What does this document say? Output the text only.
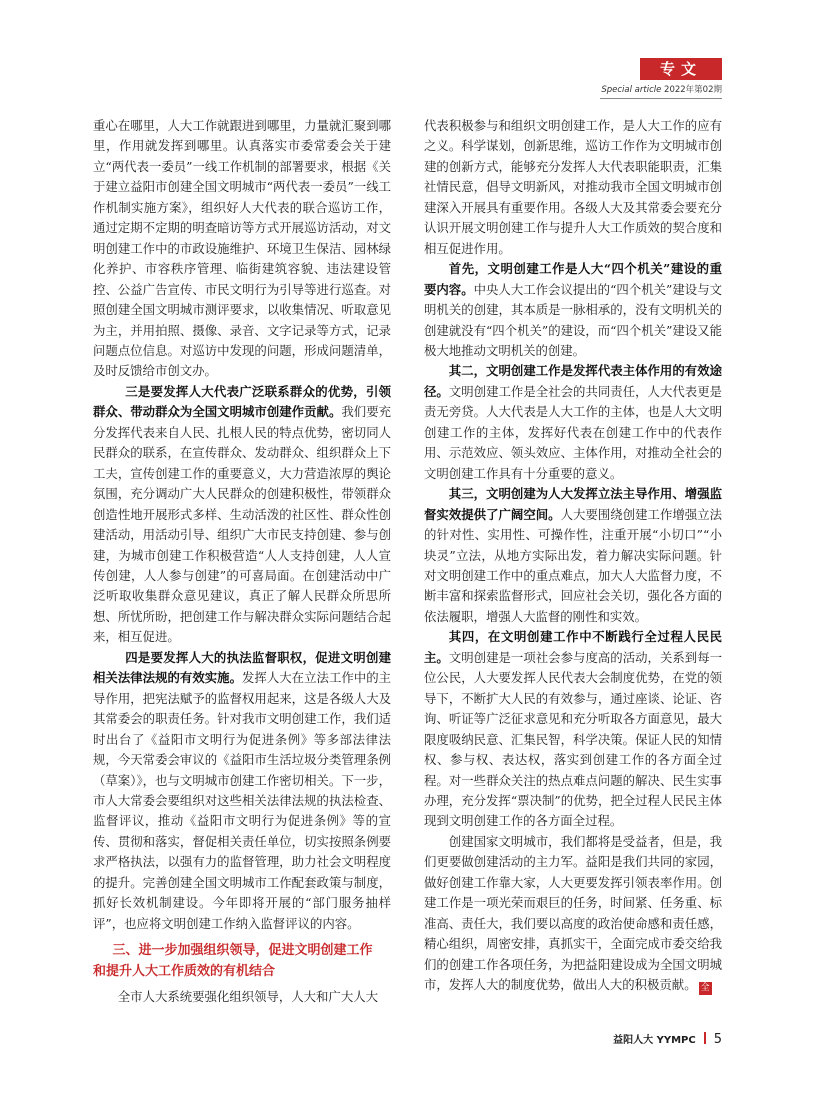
专文
Special article 2022年第02期

重心在哪里，人大工作就跟进到哪里，力量就汇聚到哪里，作用就发挥到哪里。认真落实市委常委会关于建立“两代表一委员”一线工作机制的部署要求，根据《关于建立益阳市创建全国文明城市“两代表一委员”一线工作机制实施方案》，组织好人大代表的联合巡访工作，通过定期不定期的明查暗访等方式开展巡访活动，对文明创建工作中的市政设施维护、环境卫生保洁、园林绿化养护、市容秩序管理、临街建筑容貌、违法建设管控、公益广告宣传、市民文明行为引导等进行巡查。对照创建全国文明城市测评要求，以收集情况、听取意见为主，并用拍照、摄像、录音、文字记录等方式，记录问题点位信息。对巡访中发现的问题，形成问题清单，及时反馈给市创文办。

三是要发挥人大代表广泛联系群众的优势，引领群众、带动群众为全国文明城市创建作贡献。我们要充分发挥代表来自人民、扎根人民的特点优势，密切同人民群众的联系，在宣传群众、发动群众、组织群众上下工夫，宣传创建工作的重要意义，大力营造浓厚的舆论氛围，充分调动广大人民群众的创建积极性，带领群众创造性地开展形式多样、生动活泼的社区性、群众性创建活动，用活动引导、组织广大市民支持创建、参与创建，为城市创建工作积极营造“人人支持创建，人人宣传创建，人人参与创建”的可喜局面。在创建活动中广泛听取收集群众意见建议，真正了解人民群众所思所想、所忧所盼，把创建工作与解决群众实际问题结合起来，相互促进。

四是要发挥人大的执法监督职权，促进文明创建相关法律法规的有效实施。发挥人大在立法工作中的主导作用，把宪法赋予的监督权用起来，这是各级人大及其常委会的职责任务。针对我市文明创建工作，我们适时出台了《益阳市文明行为促进条例》等多部法律法规，今天常委会审议的《益阳市生活垃圾分类管理条例（草案）》，也与文明城市创建工作密切相关。下一步，市人大常委会要组织对这些相关法律法规的执法检查、监督评议，推动《益阳市文明行为促进条例》等的宣传、贯彻和落实，督促相关责任单位，切实按照条例要求严格执法，以强有力的监督管理，助力社会文明程度的提升。完善创建全国文明城市工作配套政策与制度，抓好长效机制建设。今年即将开展的“部门服务抽样评”，也应将文明创建工作纳入监督评议的内容。

三、进一步加强组织领导，促进文明创建工作
和提升人大工作质效的有机结合

全市人大系统要强化组织领导，人大和广大人大

代表积极参与和组织文明创建工作，是人大工作的应有之义。科学谋划，创新思维，巡访工作作为文明城市创建的创新方式，能够充分发挥人大代表职能职责，汇集社情民意，倡导文明新风，对推动我市全国文明城市创建深入开展具有重要作用。各级人大及其常委会要充分认识开展文明创建工作与提升人大工作质效的契合度和相互促进作用。

首先，文明创建工作是人大“四个机关”建设的重要内容。中央人大工作会议提出的“四个机关”建设与文明机关的创建，其本质是一脉相承的，没有文明机关的创建就没有“四个机关”的建设，而“四个机关”建设又能极大地推动文明机关的创建。

其二，文明创建工作是发挥代表主体作用的有效途径。文明创建工作是全社会的共同责任，人大代表更是责无旁贷。人大代表是人大工作的主体，也是人大文明创建工作的主体，发挥好代表在创建工作中的代表作用、示范效应、领头效应、主体作用，对推动全社会的文明创建工作具有十分重要的意义。

其三，文明创建为人大发挥立法主导作用、增强监督实效提供了广阔空间。人大要围绕创建工作增强立法的针对性、实用性、可操作性，注重开展“小切口”“小块灵”立法，从地方实际出发，着力解决实际问题。针对文明创建工作中的重点难点，加大人大监督力度，不断丰富和探索监督形式，回应社会关切，强化各方面的依法履职，增强人大监督的刚性和实效。

其四，在文明创建工作中不断践行全过程人民民主。文明创建是一项社会参与度高的活动，关系到每一位公民，人大要发挥人民代表大会制度优势，在党的领导下，不断扩大人民的有效参与，通过座谈、论证、咨询、听证等广泛征求意见和充分听取各方面意见，最大限度吸纳民意、汇集民智，科学决策。保证人民的知情权、参与权、表达权，落实到创建工作的各方面全过程。对一些群众关注的热点难点问题的解决、民生实事办理，充分发挥“票决制”的优势，把全过程人民民主体现到文明创建工作的各方面全过程。

创建国家文明城市，我们都将是受益者，但是，我们更要做创建活动的主力军。益阳是我们共同的家园，做好创建工作靠大家，人大更要发挥引领表率作用。创建工作是一项光荣而艰巨的任务，时间紧、任务重、标准高、责任大，我们要以高度的政治使命感和责任感，精心组织，周密安排，真抓实干，全面完成市委交给我们的创建工作各项任务，为把益阳建设成为全国文明城市，发挥人大的制度优势，做出人大的积极贡献。 全

益阳人大 YYMPC 5
